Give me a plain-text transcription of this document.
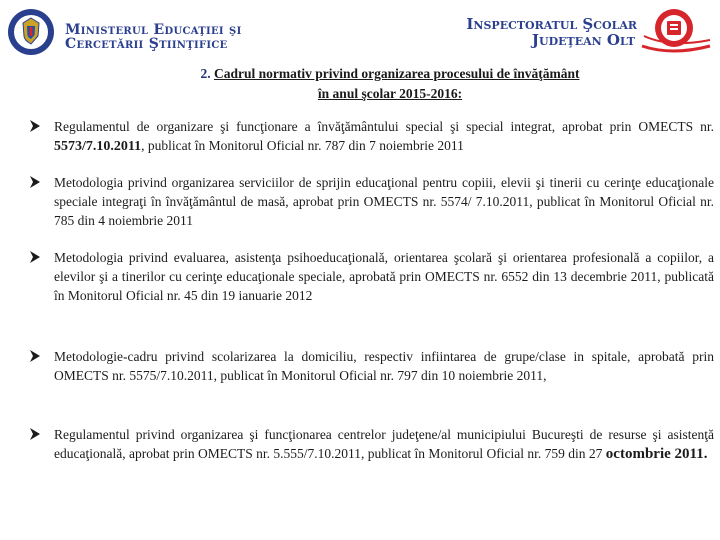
Ministerul Educaţiei şi
Cercetării Ştiinţifice
Inspectoratul Şcolar
Judeţean Olt
2. Cadrul normativ privind organizarea procesului de învăţământ
în anul şcolar 2015-2016:
Regulamentul de organizare şi funcţionare a învăţământului special şi special integrat, aprobat prin OMECTS nr. 5573/7.10.2011, publicat în Monitorul Oficial nr. 787 din 7 noiembrie 2011
Metodologia privind organizarea serviciilor de sprijin educaţional pentru copiii, elevii şi tinerii cu cerinţe educaţionale speciale integraţi în învăţământul de masă, aprobat prin OMECTS nr. 5574/ 7.10.2011, publicat în Monitorul Oficial nr. 785 din 4 noiembrie 2011
Metodologia privind evaluarea, asistenţa psihoeducaţională, orientarea şcolară şi orientarea profesională a copiilor, a elevilor şi a tinerilor cu cerinţe educaţionale speciale, aprobată prin OMECTS nr. 6552 din 13 decembrie 2011, publicată în Monitorul Oficial nr. 45 din 19 ianuarie 2012
Metodologie-cadru privind scolarizarea la domiciliu, respectiv infiintarea de grupe/clase in spitale, aprobată prin OMECTS nr. 5575/7.10.2011, publicat în Monitorul Oficial nr. 797 din 10 noiembrie 2011,
Regulamentul privind organizarea şi funcţionarea centrelor judeţene/al municipiului Bucureşti de resurse şi asistenţă educaţională, aprobat prin OMECTS nr. 5.555/7.10.2011, publicat în Monitorul Oficial nr. 759 din 27 octombrie 2011.
